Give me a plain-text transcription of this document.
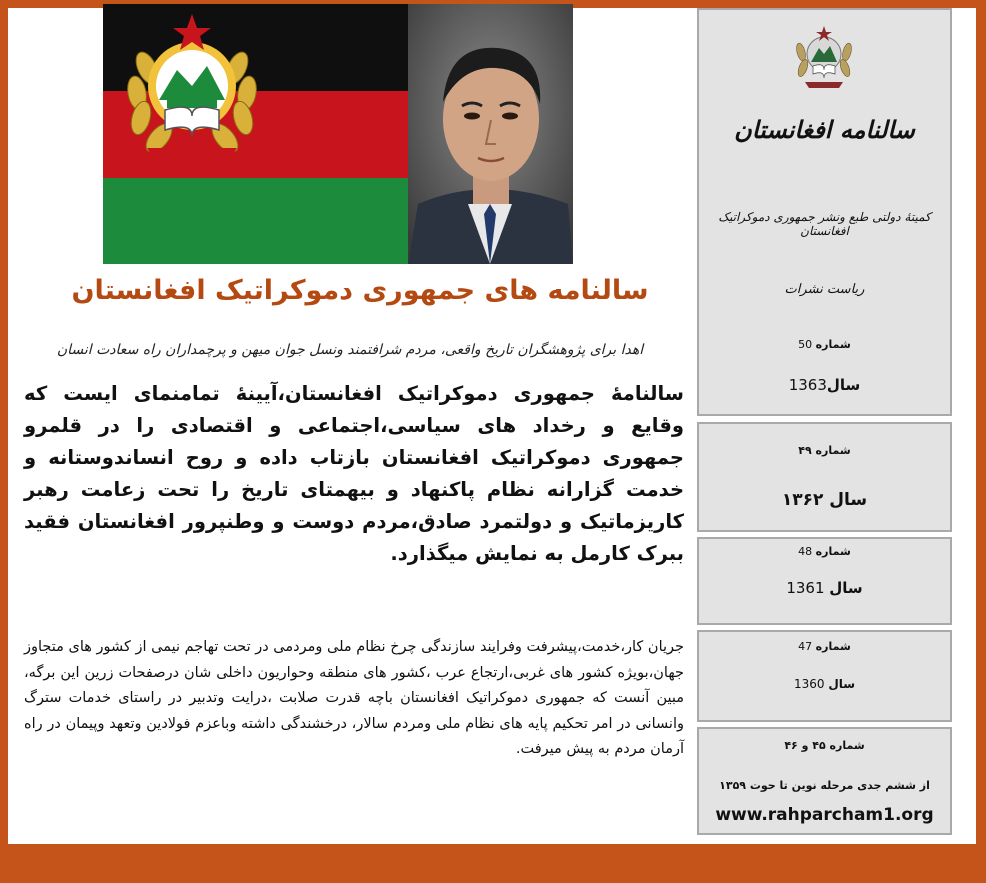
سالنامه های جمهوری دموکراتیک افغانستان
اهدا برای پژوهشگران تاریخ واقعی، مردم شرافتمند ونسل جوان میهن و پرچمداران راه سعادت انسان
سالنامۀ جمهوری دموکراتیک افغانستان،آیینۀ تمامنمای ایست که وقایع و رخداد های سیاسی،اجتماعی و اقتصادی را در قلمرو جمهوری دموکراتیک افغانستان بازتاب داده و روح انساندوستانه و خدمت گزارانه نظام پاکنهاد و بیهمتای تاریخ را تحت زعامت رهبر کاریزماتیک و دولتمرد صادق،مردم دوست و وطنپرور افغانستان فقید ببرک کارمل به نمایش میگذارد.
جریان کار،خدمت،پیشرفت وفرایند سازندگی چرخ نظام ملی ومردمی در تحت تهاجم نیمی از کشور های متجاوز جهان،بویژه کشور های غربی،ارتجاع عرب ،کشور های منطقه وحواریون داخلی شان درصفحات زرین این برگه، مبین آنست که جمهوری دموکراتیک افغانستان باچه قدرت صلابت ،درایت وتدبیر در راستای خدمات سترگ وانسانی در امر تحکیم پایه های نظام ملی ومردم سالار، درخشندگی داشته وباعزم فولادین وتعهد وپیمان در راه آرمان مردم به پیش میرفت.
سالنامه افغانستان
کمیتهٔ دولتی طبع ونشر جمهوری دموکراتیک افغانستان
ریاست نشرات
شماره 50
سال1363
شماره ۴۹
سال ۱۳۶۲
شماره 48
سال 1361
شماره 47
سال 1360
شماره ۴۵ و ۴۶
از ششم جدی مرحله نوین تا حوت ۱۳۵۹
www.rahparcham1.org
